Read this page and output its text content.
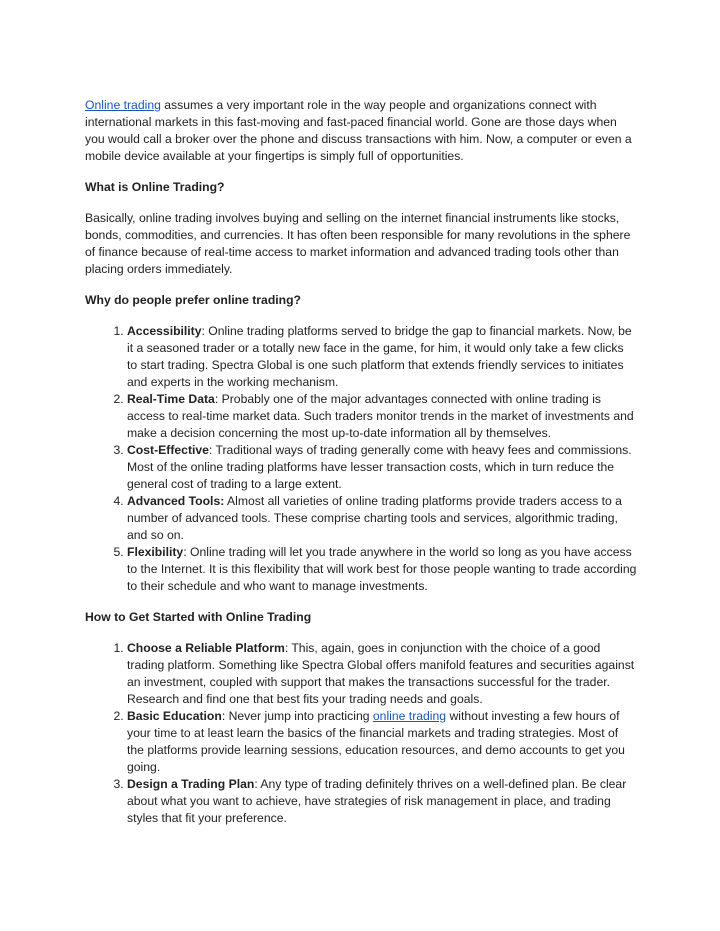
Online trading assumes a very important role in the way people and organizations connect with international markets in this fast-moving and fast-paced financial world. Gone are those days when you would call a broker over the phone and discuss transactions with him. Now, a computer or even a mobile device available at your fingertips is simply full of opportunities.

What is Online Trading?

Basically, online trading involves buying and selling on the internet financial instruments like stocks, bonds, commodities, and currencies. It has often been responsible for many revolutions in the sphere of finance because of real-time access to market information and advanced trading tools other than placing orders immediately.

Why do people prefer online trading?

1. Accessibility: Online trading platforms served to bridge the gap to financial markets. Now, be it a seasoned trader or a totally new face in the game, for him, it would only take a few clicks to start trading. Spectra Global is one such platform that extends friendly services to initiates and experts in the working mechanism.
2. Real-Time Data: Probably one of the major advantages connected with online trading is access to real-time market data. Such traders monitor trends in the market of investments and make a decision concerning the most up-to-date information all by themselves.
3. Cost-Effective: Traditional ways of trading generally come with heavy fees and commissions. Most of the online trading platforms have lesser transaction costs, which in turn reduce the general cost of trading to a large extent.
4. Advanced Tools: Almost all varieties of online trading platforms provide traders access to a number of advanced tools. These comprise charting tools and services, algorithmic trading, and so on.
5. Flexibility: Online trading will let you trade anywhere in the world so long as you have access to the Internet. It is this flexibility that will work best for those people wanting to trade according to their schedule and who want to manage investments.

How to Get Started with Online Trading

1. Choose a Reliable Platform: This, again, goes in conjunction with the choice of a good trading platform. Something like Spectra Global offers manifold features and securities against an investment, coupled with support that makes the transactions successful for the trader. Research and find one that best fits your trading needs and goals.
2. Basic Education: Never jump into practicing online trading without investing a few hours of your time to at least learn the basics of the financial markets and trading strategies. Most of the platforms provide learning sessions, education resources, and demo accounts to get you going.
3. Design a Trading Plan: Any type of trading definitely thrives on a well-defined plan. Be clear about what you want to achieve, have strategies of risk management in place, and trading styles that fit your preference.
